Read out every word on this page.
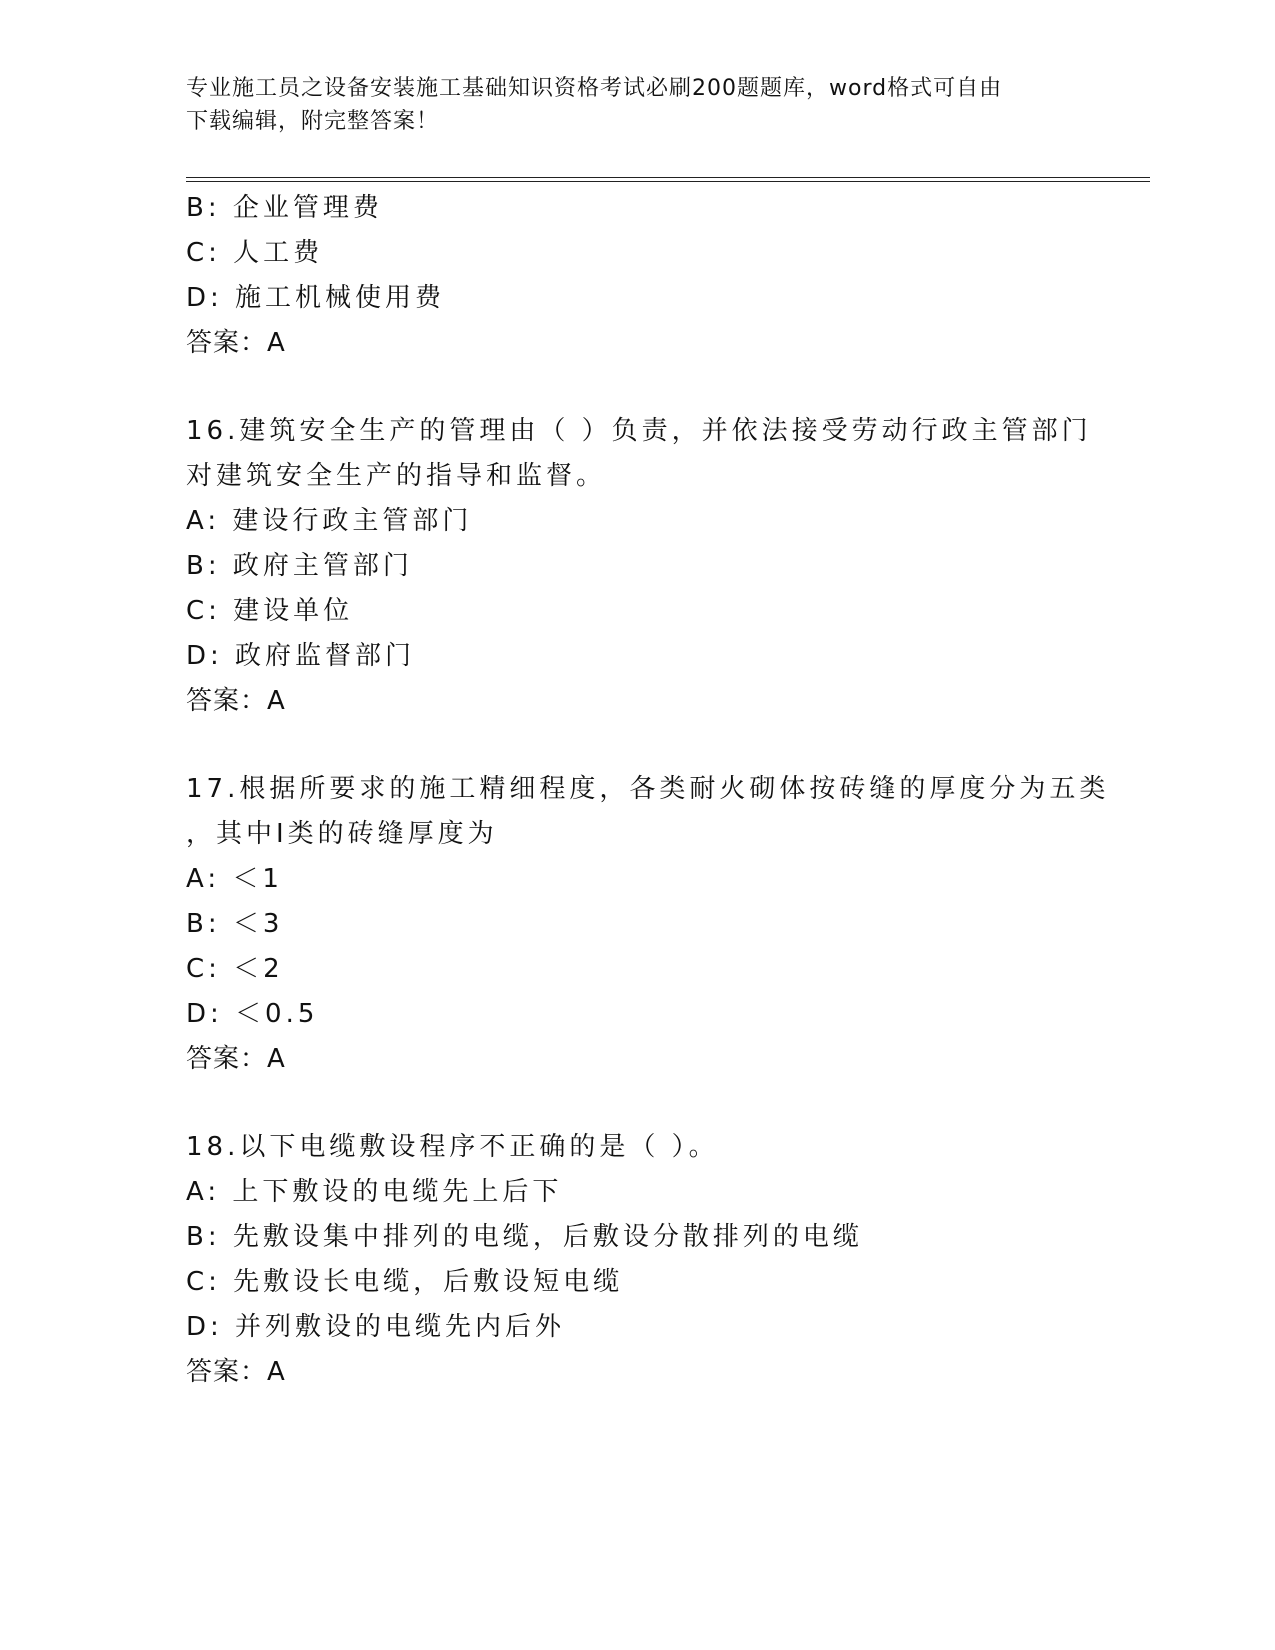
专业施工员之设备安装施工基础知识资格考试必刷200题题库，word格式可自由
下载编辑，附完整答案！
B: 企业管理费
C: 人工费
D: 施工机械使用费
答案：A
16.建筑安全生产的管理由（ ）负责，并依法接受劳动行政主管部门
对建筑安全生产的指导和监督。
A: 建设行政主管部门
B: 政府主管部门
C: 建设单位
D: 政府监督部门
答案：A
17.根据所要求的施工精细程度，各类耐火砌体按砖缝的厚度分为五类
，其中Ⅰ类的砖缝厚度为
A: ＜1
B: ＜3
C: ＜2
D: ＜0.5
答案：A
18.以下电缆敷设程序不正确的是（ ）。
A: 上下敷设的电缆先上后下
B: 先敷设集中排列的电缆，后敷设分散排列的电缆
C: 先敷设长电缆，后敷设短电缆
D: 并列敷设的电缆先内后外
答案：A
